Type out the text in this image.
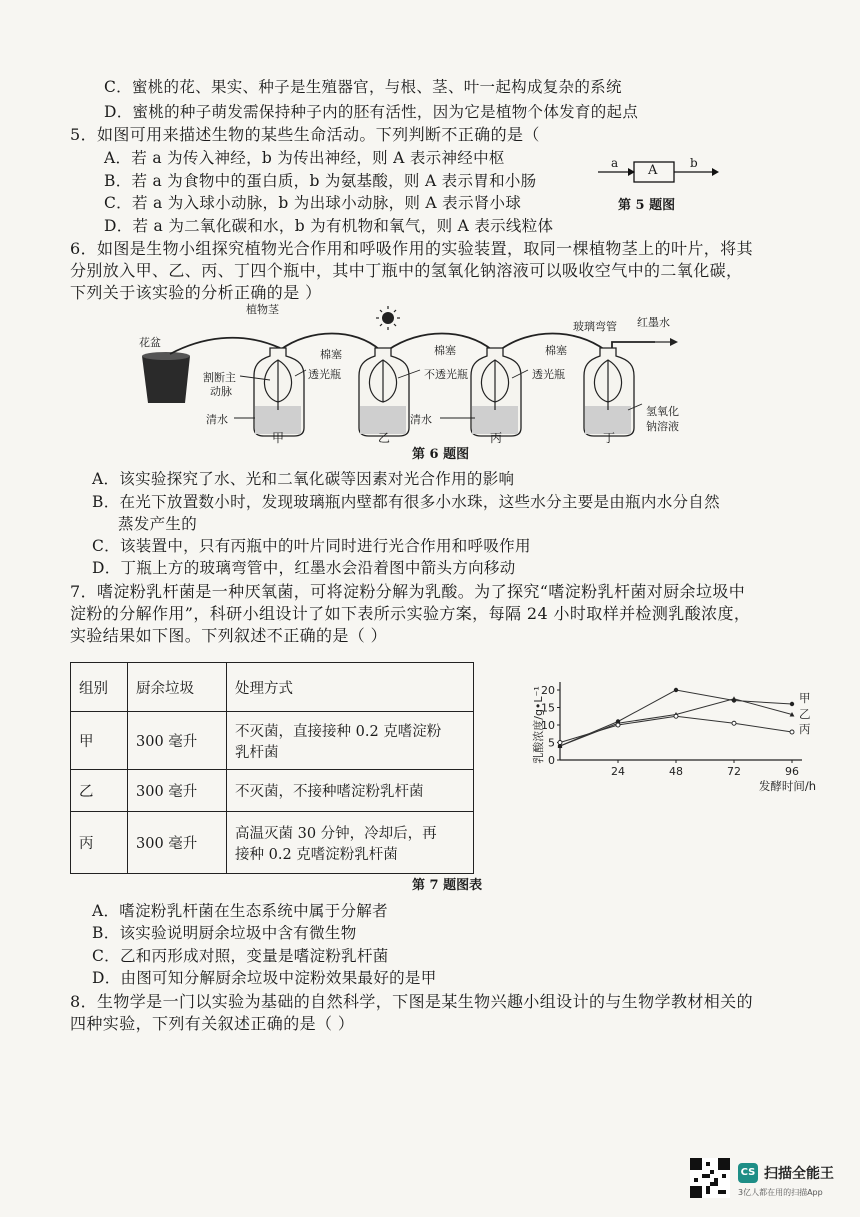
C．蜜桃的花、果实、种子是生殖器官，与根、茎、叶一起构成复杂的系统
D．蜜桃的种子萌发需保持种子内的胚有活性，因为它是植物个体发育的起点
5．如图可用来描述生物的某些生命活动。下列判断不正确的是（
A．若 a 为传入神经，b 为传出神经，则 A 表示神经中枢
B．若 a 为食物中的蛋白质，b 为氨基酸，则 A 表示胃和小肠
C．若 a 为入球小动脉，b 为出球小动脉，则 A 表示肾小球
D．若 a 为二氧化碳和水，b 为有机物和氧气，则 A 表示线粒体
a A	b
第 5 题图
6．如图是生物小组探究植物光合作用和呼吸作用的实验装置，取同一棵植物茎上的叶片，将其
分别放入甲、乙、丙、丁四个瓶中，其中丁瓶中的氢氧化钠溶液可以吸收空气中的二氧化碳，
下列关于该实验的分析正确的是 ）
花盆
植物茎
玻璃弯管 红墨水
棉塞	棉塞	棉塞
割断主
动脉
透光瓶	不透光瓶	透光瓶
清水	清水
氢氧化
钠溶液
甲	乙	丙	丁
第 6 题图
A．该实验探究了水、光和二氧化碳等因素对光合作用的影响
B．在光下放置数小时，发现玻璃瓶内壁都有很多小水珠，这些水分主要是由瓶内水分自然
蒸发产生的
C．该装置中，只有丙瓶中的叶片同时进行光合作用和呼吸作用
D．丁瓶上方的玻璃弯管中，红墨水会沿着图中箭头方向移动
7．嗜淀粉乳杆菌是一种厌氧菌，可将淀粉分解为乳酸。为了探究“嗜淀粉乳杆菌对厨余垃圾中
淀粉的分解作用”，科研小组设计了如下表所示实验方案，每隔 24 小时取样并检测乳酸浓度，
实验结果如下图。下列叙述不正确的是（ ）
组别	厨余垃圾	处理方式
甲	300 毫升	不灭菌，直接接种 0.2 克嗜淀粉
乳杆菌
乙	300 毫升	不灭菌，不接种嗜淀粉乳杆菌
丙	300 毫升	高温灭菌 30 分钟，冷却后，再
接种 0.2 克嗜淀粉乳杆菌
0
5
10
15
20
24	48	72	96
发酵时间/h
乳酸浓度/g•L⁻¹	甲
乙
丙
第 7 题图表
A．嗜淀粉乳杆菌在生态系统中属于分解者
B．该实验说明厨余垃圾中含有微生物
C．乙和丙形成对照，变量是嗜淀粉乳杆菌
D．由图可知分解厨余垃圾中淀粉效果最好的是甲
8．生物学是一门以实验为基础的自然科学，下图是某生物兴趣小组设计的与生物学教材相关的
四种实验，下列有关叙述正确的是（ ）
CS 扫描全能王
3亿人都在用的扫描App
